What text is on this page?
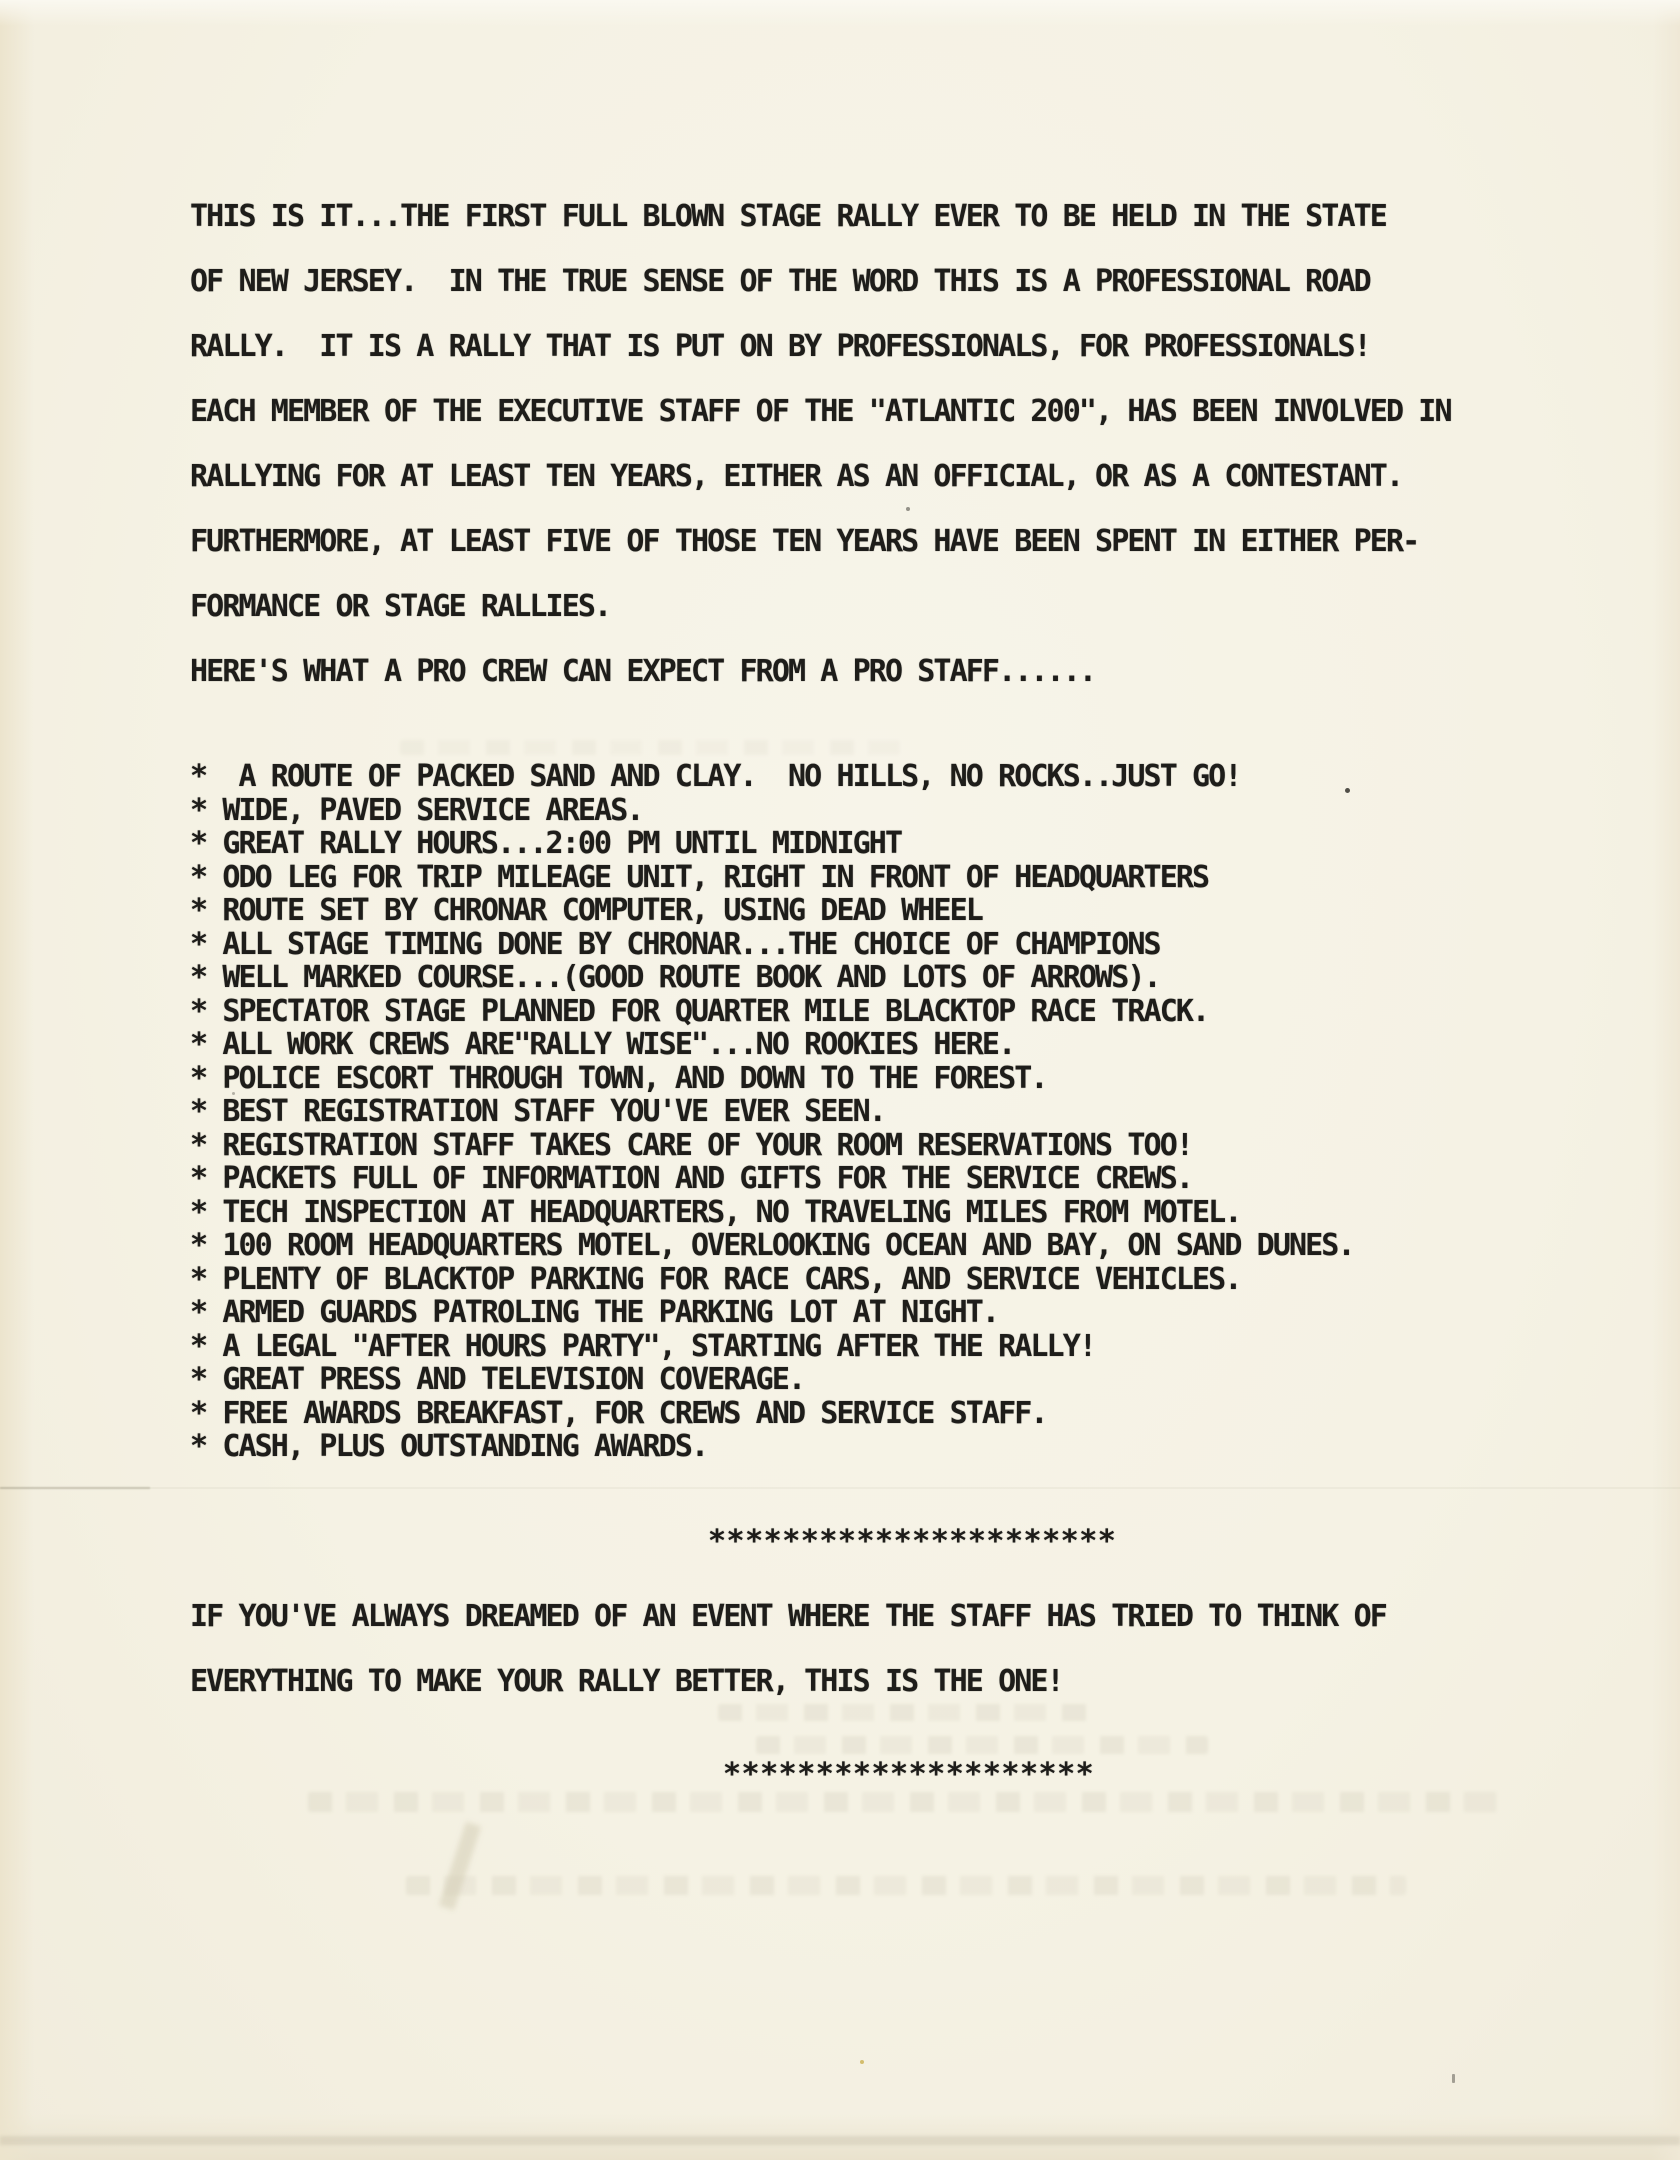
THIS IS IT...THE FIRST FULL BLOWN STAGE RALLY EVER TO BE HELD IN THE STATE
OF NEW JERSEY.  IN THE TRUE SENSE OF THE WORD THIS IS A PROFESSIONAL ROAD
RALLY.  IT IS A RALLY THAT IS PUT ON BY PROFESSIONALS, FOR PROFESSIONALS!
EACH MEMBER OF THE EXECUTIVE STAFF OF THE "ATLANTIC 200", HAS BEEN INVOLVED IN
RALLYING FOR AT LEAST TEN YEARS, EITHER AS AN OFFICIAL, OR AS A CONTESTANT.
FURTHERMORE, AT LEAST FIVE OF THOSE TEN YEARS HAVE BEEN SPENT IN EITHER PER-
FORMANCE OR STAGE RALLIES.
HERE'S WHAT A PRO CREW CAN EXPECT FROM A PRO STAFF......
*  A ROUTE OF PACKED SAND AND CLAY.  NO HILLS, NO ROCKS..JUST GO!
* WIDE, PAVED SERVICE AREAS.
* GREAT RALLY HOURS...2:00 PM UNTIL MIDNIGHT
* ODO LEG FOR TRIP MILEAGE UNIT, RIGHT IN FRONT OF HEADQUARTERS
* ROUTE SET BY CHRONAR COMPUTER, USING DEAD WHEEL
* ALL STAGE TIMING DONE BY CHRONAR...THE CHOICE OF CHAMPIONS
* WELL MARKED COURSE...(GOOD ROUTE BOOK AND LOTS OF ARROWS).
* SPECTATOR STAGE PLANNED FOR QUARTER MILE BLACKTOP RACE TRACK.
* ALL WORK CREWS ARE"RALLY WISE"...NO ROOKIES HERE.
* POLICE ESCORT THROUGH TOWN, AND DOWN TO THE FOREST.
* BEST REGISTRATION STAFF YOU'VE EVER SEEN.
* REGISTRATION STAFF TAKES CARE OF YOUR ROOM RESERVATIONS TOO!
* PACKETS FULL OF INFORMATION AND GIFTS FOR THE SERVICE CREWS.
* TECH INSPECTION AT HEADQUARTERS, NO TRAVELING MILES FROM MOTEL.
* 100 ROOM HEADQUARTERS MOTEL, OVERLOOKING OCEAN AND BAY, ON SAND DUNES.
* PLENTY OF BLACKTOP PARKING FOR RACE CARS, AND SERVICE VEHICLES.
* ARMED GUARDS PATROLING THE PARKING LOT AT NIGHT.
* A LEGAL "AFTER HOURS PARTY", STARTING AFTER THE RALLY!
* GREAT PRESS AND TELEVISION COVERAGE.
* FREE AWARDS BREAKFAST, FOR CREWS AND SERVICE STAFF.
* CASH, PLUS OUTSTANDING AWARDS.
**********************
IF YOU'VE ALWAYS DREAMED OF AN EVENT WHERE THE STAFF HAS TRIED TO THINK OF
EVERYTHING TO MAKE YOUR RALLY BETTER, THIS IS THE ONE!
********************
